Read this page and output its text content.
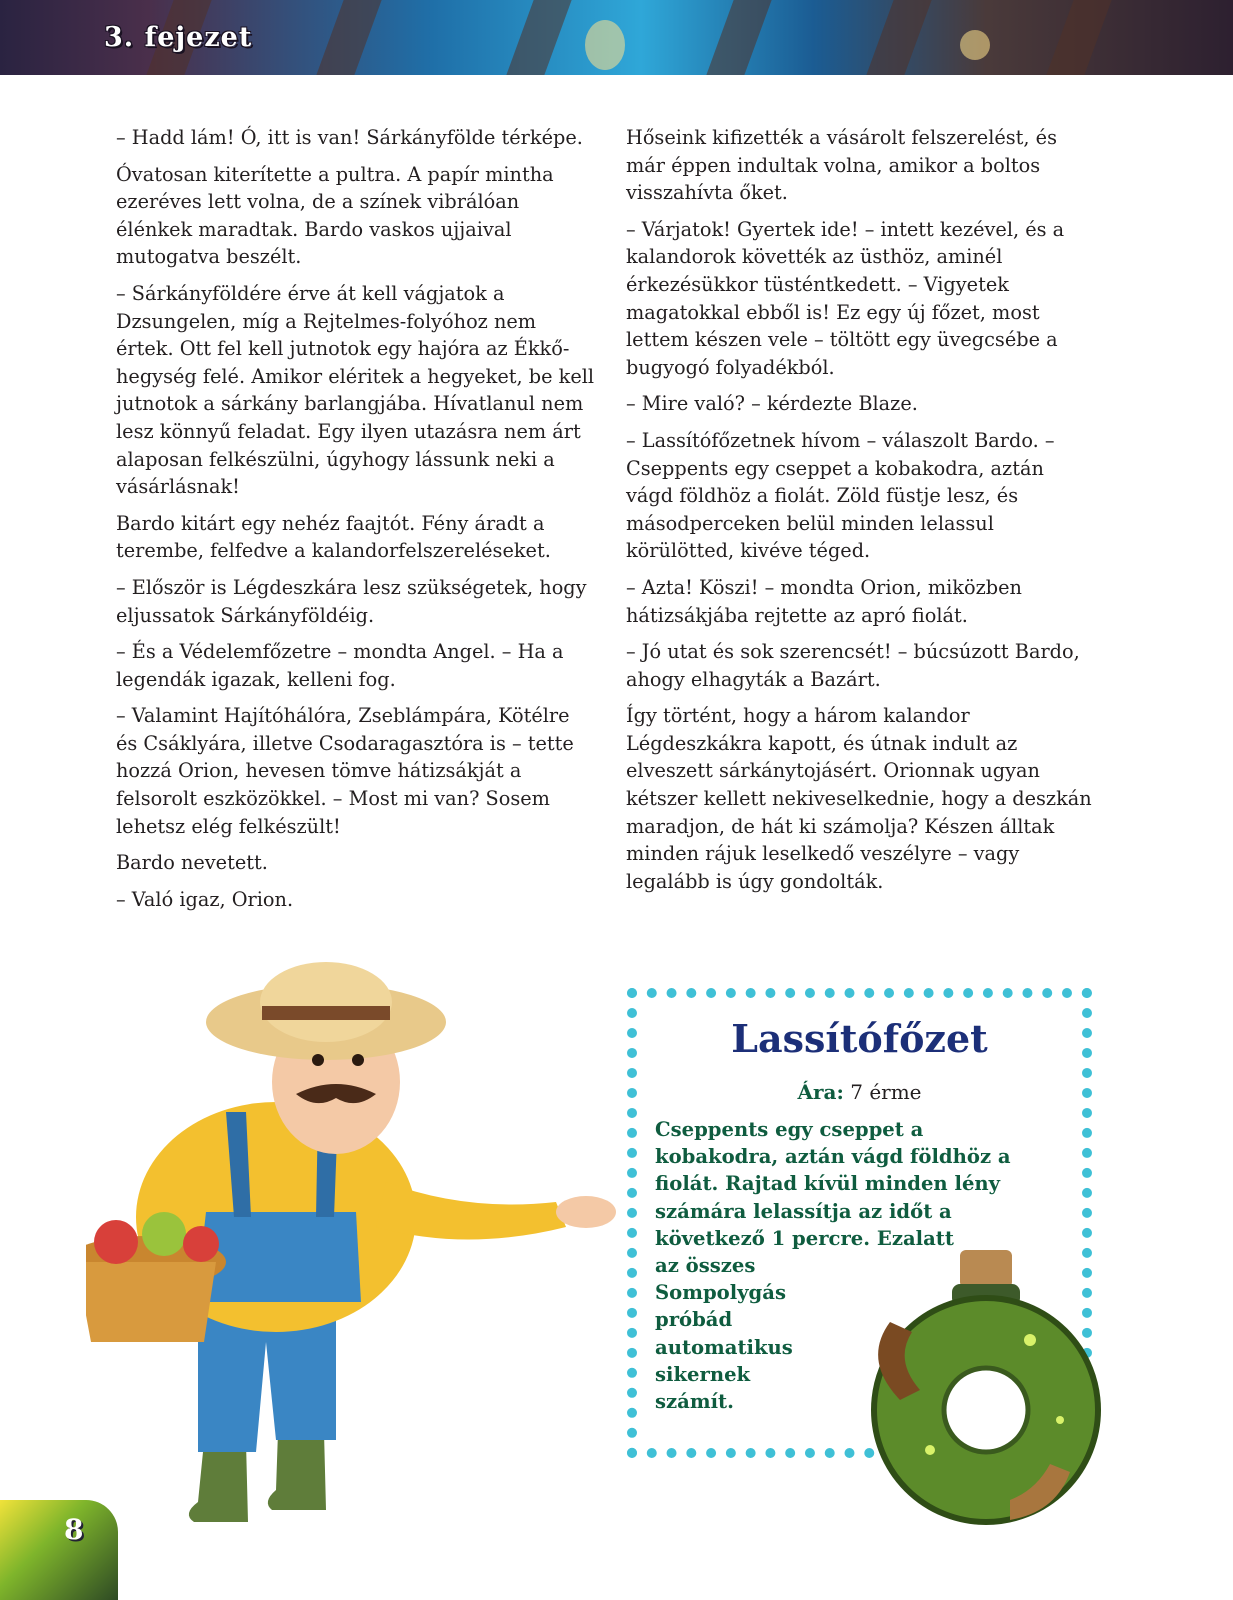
3. fejezet

– Hadd lám! Ó, itt is van! Sárkányfölde térképe.

Óvatosan kiterítette a pultra. A papír mintha ezeréves lett volna, de a színek vibrálóan élénkek maradtak. Bardo vaskos ujjaival mutogatva beszélt.

– Sárkányföldére érve át kell vágjatok a Dzsungelen, míg a Rejtelmes-folyóhoz nem értek. Ott fel kell jutnotok egy hajóra az Ékkő-hegység felé. Amikor eléritek a hegyeket, be kell jutnotok a sárkány barlangjába. Hívatlanul nem lesz könnyű feladat. Egy ilyen utazásra nem árt alaposan felkészülni, úgyhogy lássunk neki a vásárlásnak!

Bardo kitárt egy nehéz faajtót. Fény áradt a terembe, felfedve a kalandorfelszereléseket.

– Először is Légdeszkára lesz szükségetek, hogy eljussatok Sárkányföldéig.

– És a Védelemfőzetre – mondta Angel. – Ha a legendák igazak, kelleni fog.

– Valamint Hajítóhálóra, Zseblámpára, Kötélre és Csáklyára, illetve Csodaragasztóra is – tette hozzá Orion, hevesen tömve hátizsákját a felsorolt eszközökkel. – Most mi van? Sosem lehetsz elég felkészült!

Bardo nevetett.

– Való igaz, Orion.

Hőseink kifizették a vásárolt felszerelést, és már éppen indultak volna, amikor a boltos visszahívta őket.

– Várjatok! Gyertek ide! – intett kezével, és a kalandorok követték az üsthöz, aminél érkezésükkor tüsténtkedett. – Vigyetek magatokkal ebből is! Ez egy új főzet, most lettem készen vele – töltött egy üvegcsébe a bugyogó folyadékból.

– Mire való? – kérdezte Blaze.

– Lassítófőzetnek hívom – válaszolt Bardo. – Cseppents egy cseppet a kobakodra, aztán vágd földhöz a fiolát. Zöld füstje lesz, és másodperceken belül minden lelassul körülötted, kivéve téged.

– Azta! Köszi! – mondta Orion, miközben hátizsákjába rejtette az apró fiolát.

– Jó utat és sok szerencsét! – búcsúzott Bardo, ahogy elhagyták a Bazárt.

Így történt, hogy a három kalandor Légdeszkákra kapott, és útnak indult az elveszett sárkánytojásért. Orionnak ugyan kétszer kellett nekiveselkednie, hogy a deszkán maradjon, de hát ki számolja? Készen álltak minden rájuk leselkedő veszélyre – vagy legalább is úgy gondolták.

Lassítófőzet
Ára: 7 érme
Cseppents egy cseppet a kobakodra, aztán vágd földhöz a fiolát. Rajtad kívül minden lény számára lelassítja az időt a következő 1 percre. Ezalatt
az összes
Sompolygás
próbád
automatikus
sikernek
számít.
8
